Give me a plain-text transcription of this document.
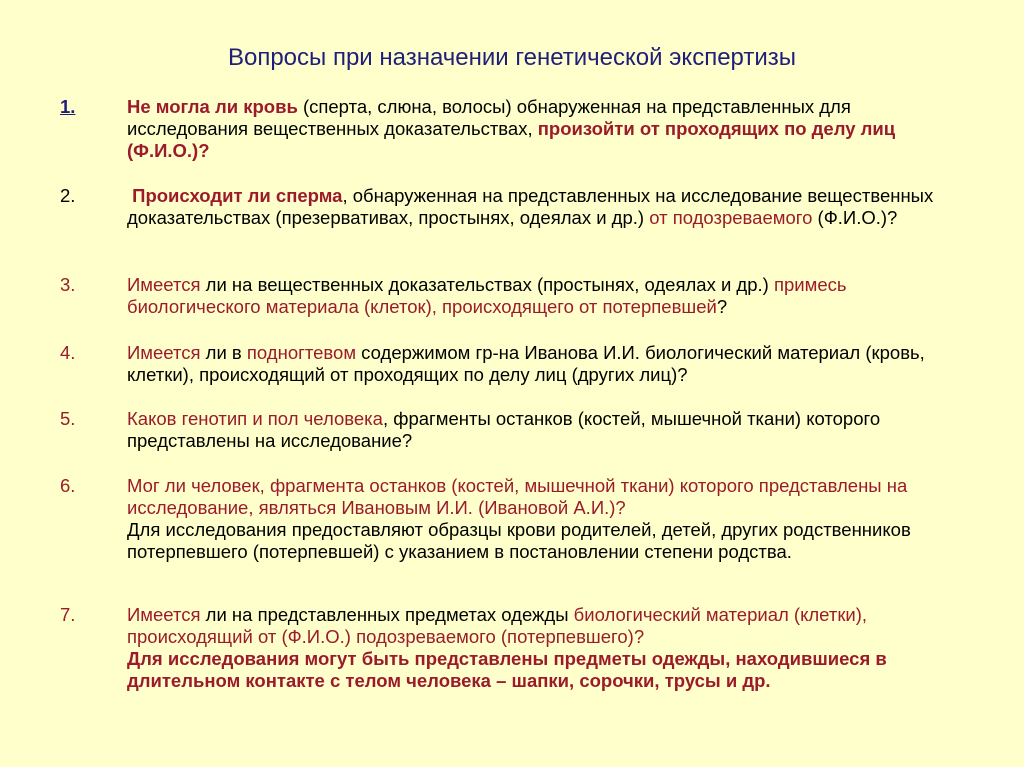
Вопросы при назначении генетической экспертизы
1.	Не могла ли кровь (сперта, слюна, волосы) обнаруженная на представленных для исследования вещественных доказательствах, произойти от проходящих по делу лиц (Ф.И.О.)?
2.	Происходит ли сперма, обнаруженная на представленных на исследование вещественных доказательствах (презервативах, простынях, одеялах и др.) от подозреваемого (Ф.И.О.)?
3.	Имеется ли на вещественных доказательствах (простынях, одеялах и др.) примесь биологического материала (клеток), происходящего от потерпевшей?
4.	Имеется ли в подногтевом содержимом гр-на Иванова И.И. биологический материал (кровь, клетки), происходящий от проходящих по делу лиц (других лиц)?
5.	Каков генотип и пол человека, фрагменты останков (костей, мышечной ткани) которого представлены на исследование?
6.	Мог ли человек, фрагмента останков (костей, мышечной ткани) которого представлены на исследование, являться Ивановым И.И. (Ивановой А.И.)?
Для исследования предоставляют образцы крови родителей, детей, других родственников потерпевшего (потерпевшей) с указанием в постановлении степени родства.
7.	Имеется ли на представленных предметах одежды биологический материал (клетки), происходящий от (Ф.И.О.) подозреваемого (потерпевшего)?
Для исследования могут быть представлены предметы одежды, находившиеся в длительном контакте с телом человека – шапки, сорочки, трусы и др.
